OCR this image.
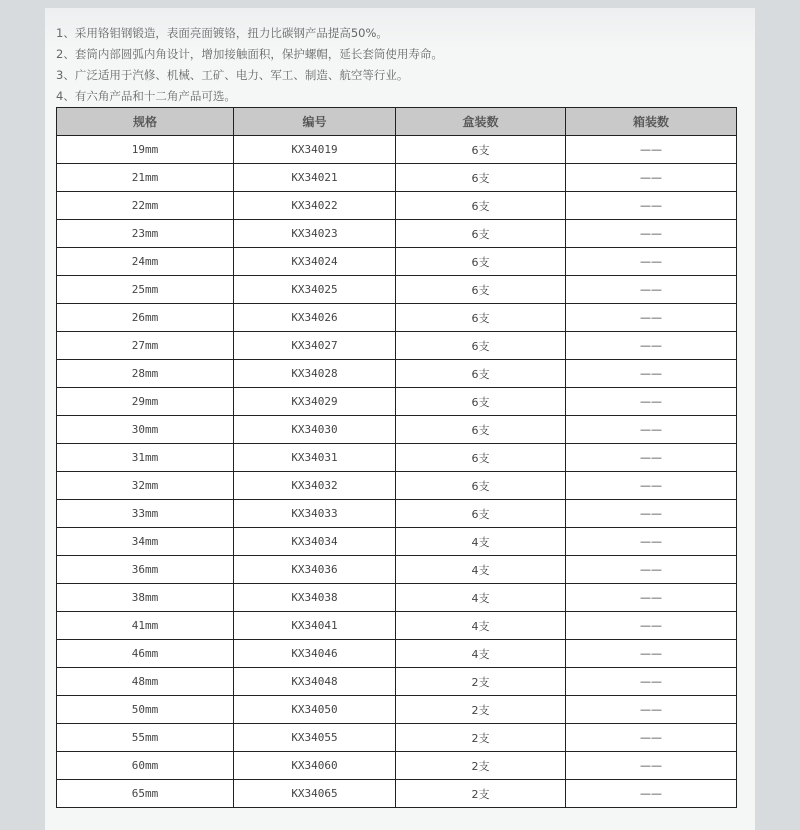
1、采用铬钼钢锻造，表面亮面镀铬，扭力比碳钢产品提高50%。
2、套筒内部圆弧内角设计，增加接触面积，保护螺帽，延长套筒使用寿命。
3、广泛适用于汽修、机械、工矿、电力、军工、制造、航空等行业。
4、有六角产品和十二角产品可选。
规格	编号	盒装数	箱装数
19mm	KX34019	6支	——
21mm	KX34021	6支	——
22mm	KX34022	6支	——
23mm	KX34023	6支	——
24mm	KX34024	6支	——
25mm	KX34025	6支	——
26mm	KX34026	6支	——
27mm	KX34027	6支	——
28mm	KX34028	6支	——
29mm	KX34029	6支	——
30mm	KX34030	6支	——
31mm	KX34031	6支	——
32mm	KX34032	6支	——
33mm	KX34033	6支	——
34mm	KX34034	4支	——
36mm	KX34036	4支	——
38mm	KX34038	4支	——
41mm	KX34041	4支	——
46mm	KX34046	4支	——
48mm	KX34048	2支	——
50mm	KX34050	2支	——
55mm	KX34055	2支	——
60mm	KX34060	2支	——
65mm	KX34065	2支	——
